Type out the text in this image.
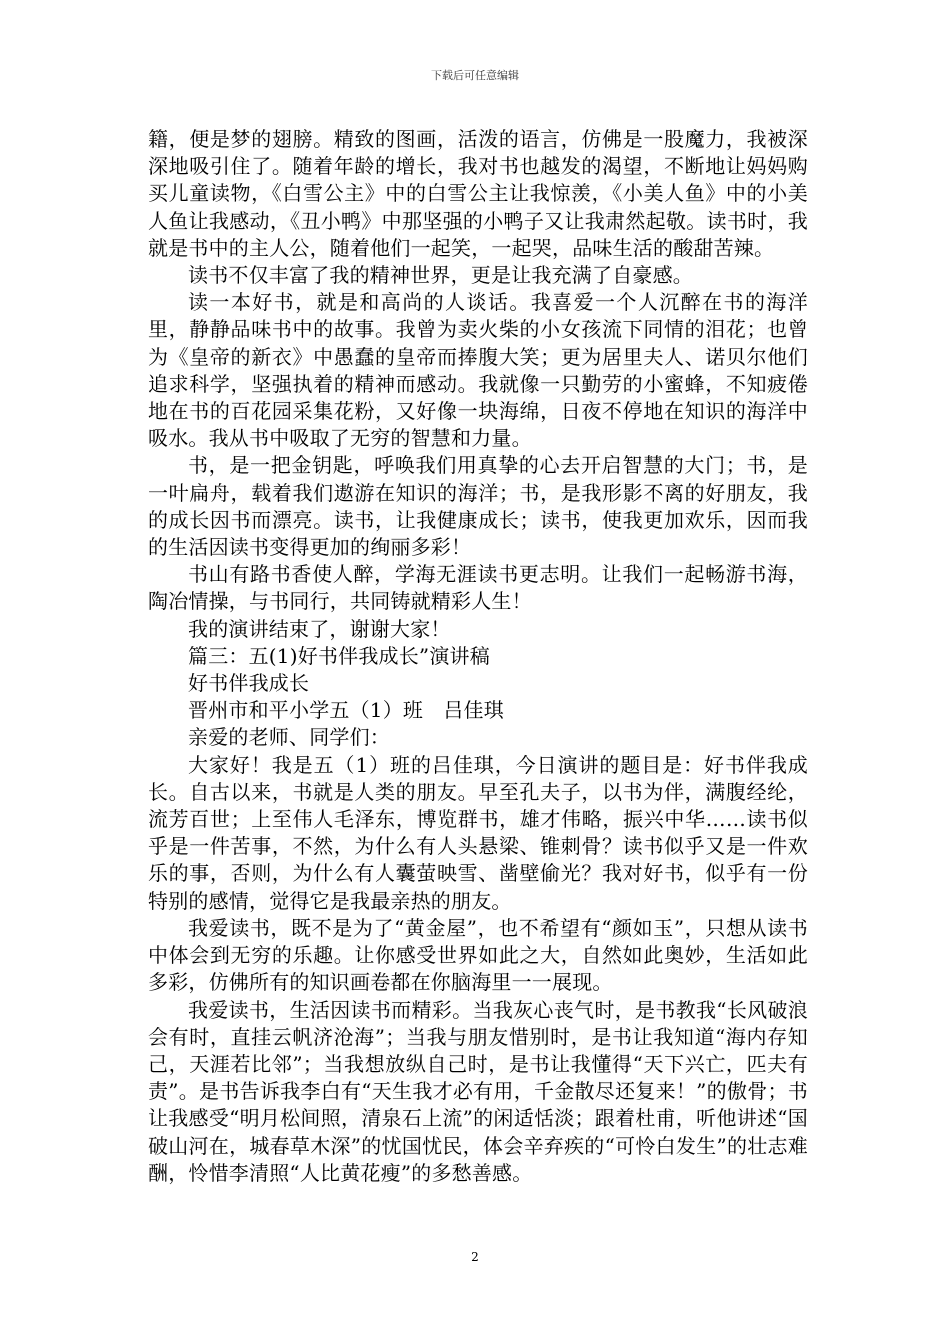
下载后可任意编辑

籍，便是梦的翅膀。精致的图画，活泼的语言，仿佛是一股魔力，我被深深地吸引住了。随着年龄的增长，我对书也越发的渴望，不断地让妈妈购买儿童读物，《白雪公主》中的白雪公主让我惊羡，《小美人鱼》中的小美人鱼让我感动，《丑小鸭》中那坚强的小鸭子又让我肃然起敬。读书时，我就是书中的主人公，随着他们一起笑，一起哭，品味生活的酸甜苦辣。

读书不仅丰富了我的精神世界，更是让我充满了自豪感。

读一本好书，就是和高尚的人谈话。我喜爱一个人沉醉在书的海洋里，静静品味书中的故事。我曾为卖火柴的小女孩流下同情的泪花；也曾为《皇帝的新衣》中愚蠢的皇帝而捧腹大笑；更为居里夫人、诺贝尔他们追求科学，坚强执着的精神而感动。我就像一只勤劳的小蜜蜂，不知疲倦地在书的百花园采集花粉，又好像一块海绵，日夜不停地在知识的海洋中吸水。我从书中吸取了无穷的智慧和力量。

书，是一把金钥匙，呼唤我们用真挚的心去开启智慧的大门；书，是一叶扁舟，载着我们遨游在知识的海洋；书，是我形影不离的好朋友，我的成长因书而漂亮。读书，让我健康成长；读书，使我更加欢乐，因而我的生活因读书变得更加的绚丽多彩！

书山有路书香使人醉，学海无涯读书更志明。让我们一起畅游书海，陶冶情操，与书同行，共同铸就精彩人生！

我的演讲结束了，谢谢大家！

篇三：五(1)好书伴我成长”演讲稿

好书伴我成长

晋州市和平小学五（1）班　吕佳琪

亲爱的老师、同学们：

大家好！我是五（1）班的吕佳琪，今日演讲的题目是：好书伴我成长。自古以来，书就是人类的朋友。早至孔夫子，以书为伴，满腹经纶，流芳百世；上至伟人毛泽东，博览群书，雄才伟略，振兴中华……读书似乎是一件苦事，不然，为什么有人头悬梁、锥刺骨？读书似乎又是一件欢乐的事，否则，为什么有人囊萤映雪、凿壁偷光？我对好书，似乎有一份特别的感情，觉得它是我最亲热的朋友。

我爱读书，既不是为了“黄金屋”，也不希望有“颜如玉”，只想从读书中体会到无穷的乐趣。让你感受世界如此之大，自然如此奥妙，生活如此多彩，仿佛所有的知识画卷都在你脑海里一一展现。

我爱读书，生活因读书而精彩。当我灰心丧气时，是书教我“长风破浪会有时，直挂云帆济沧海”；当我与朋友惜别时，是书让我知道“海内存知己，天涯若比邻”；当我想放纵自己时，是书让我懂得“天下兴亡，匹夫有责”。是书告诉我李白有“天生我才必有用，千金散尽还复来！”的傲骨；书让我感受“明月松间照，清泉石上流”的闲适恬淡；跟着杜甫，听他讲述“国破山河在，城春草木深”的忧国忧民，体会辛弃疾的“可怜白发生”的壮志难酬，怜惜李清照“人比黄花瘦”的多愁善感。

2
